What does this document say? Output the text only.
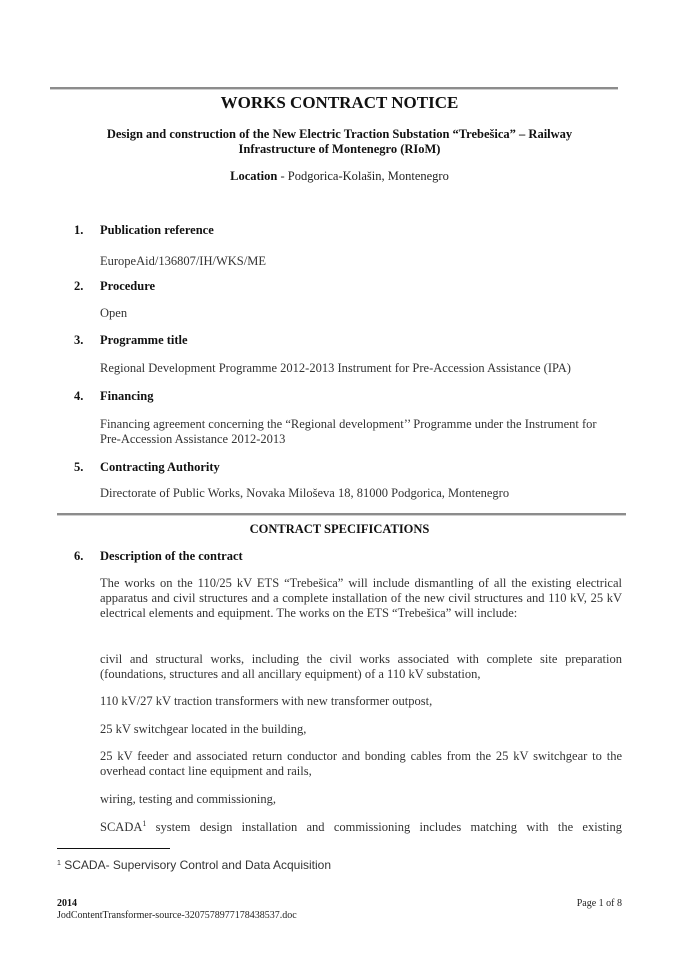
WORKS CONTRACT NOTICE
Design and construction of the New Electric Traction Substation “Trebešica” – Railway
Infrastructure of Montenegro (RIoM)
Location - Podgorica-Kolašin, Montenegro
1. Publication reference
EuropeAid/136807/IH/WKS/ME
2. Procedure
Open
3. Programme title
Regional Development Programme 2012-2013 Instrument for Pre-Accession Assistance (IPA)
4. Financing
Financing agreement concerning the “Regional development’’ Programme under the Instrument for Pre-Accession Assistance 2012-2013
5. Contracting Authority
Directorate of Public Works, Novaka Miloševa 18, 81000 Podgorica, Montenegro
CONTRACT SPECIFICATIONS
6. Description of the contract
The works on the 110/25 kV ETS “Trebešica” will include dismantling of all the existing electrical apparatus and civil structures and a complete installation of the new civil structures and 110 kV, 25 kV electrical elements and equipment. The works on the ETS “Trebešica” will include:
civil and structural works, including the civil works associated with complete site preparation (foundations, structures and all ancillary equipment) of a 110 kV substation,
110 kV/27 kV traction transformers with new transformer outpost,
25 kV switchgear located in the building,
25 kV feeder and associated return conductor and bonding cables from the 25 kV switchgear to the overhead contact line equipment and rails,
wiring, testing and commissioning,
SCADA$^1$ system design installation and commissioning includes matching with the existing
$^1$ SCADA- Supervisory Control and Data Acquisition
2014
JodContentTransformer-source-3207578977178438537.doc
Page 1 of 8
